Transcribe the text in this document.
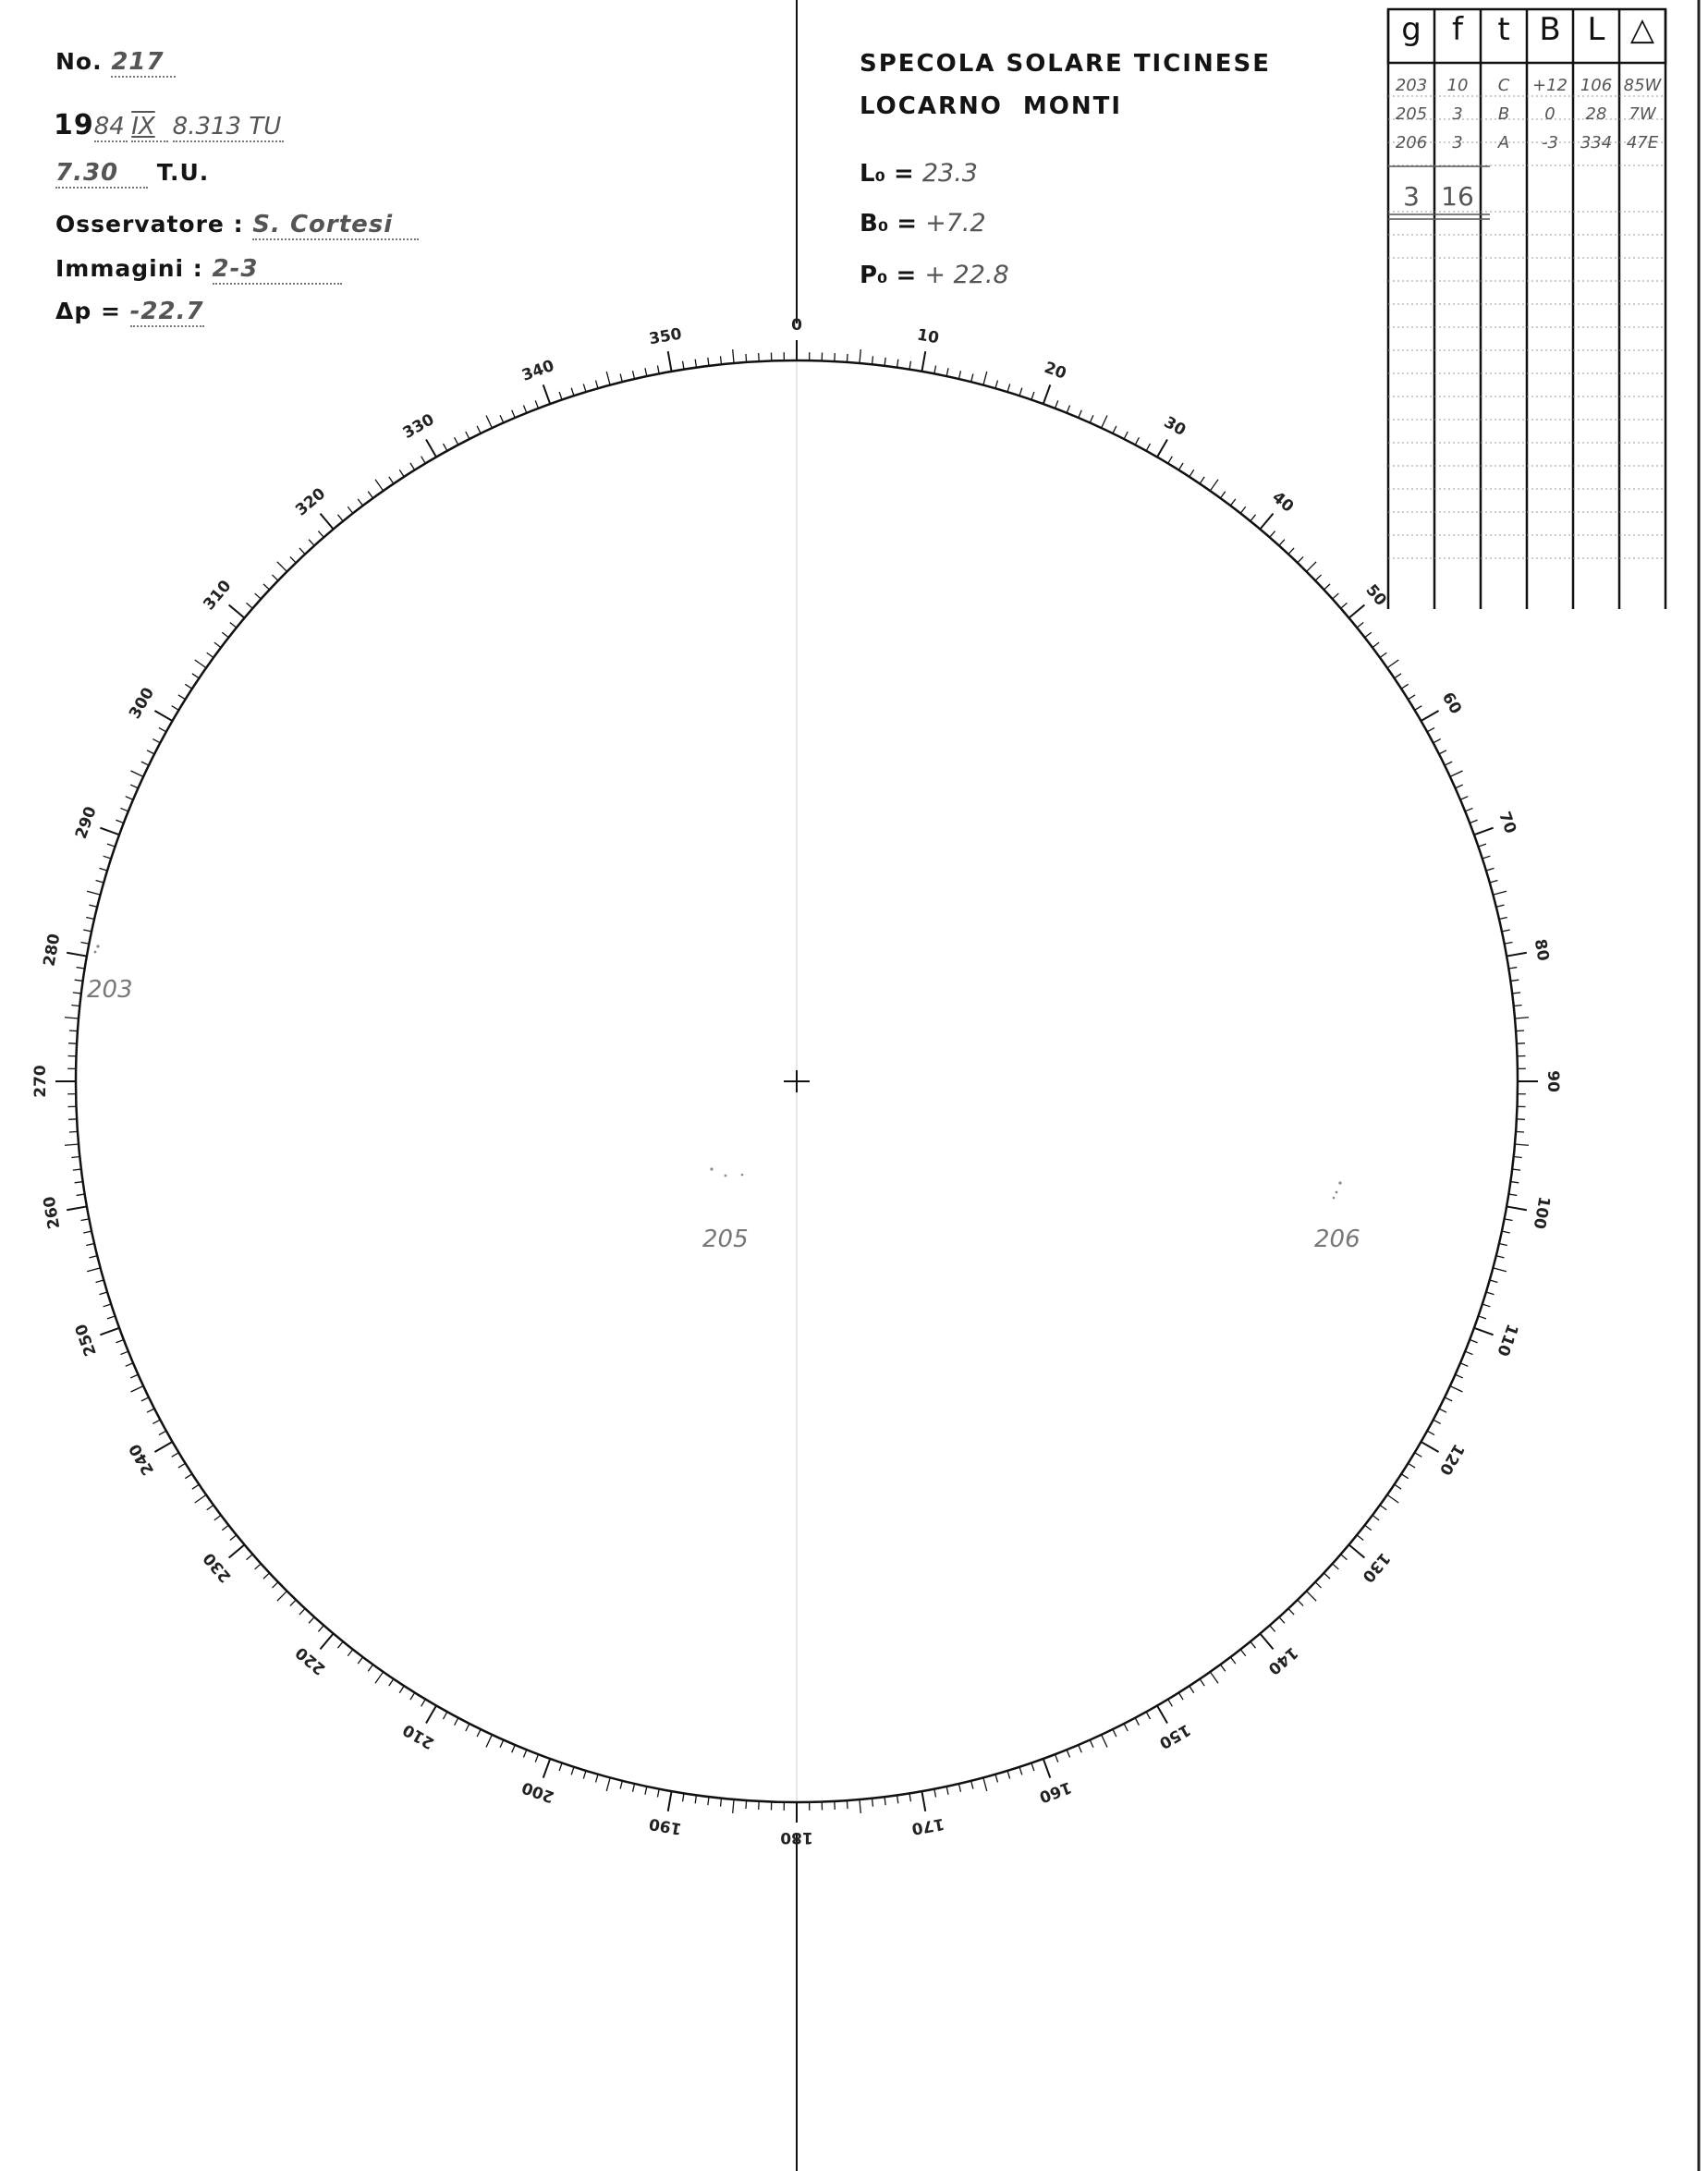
No. 217
1984 IX 8.313 TU
7.30 T.U.
Osservatore : S. Cortesi
Immagini : 2-3
Δp = -22.7
SPECOLA SOLARE TICINESE
LOCARNO  MONTI
L₀ = 23.3
B₀ = +7.2
P₀ = + 22.8
g f	t B L △
203	10	C	+12 106 85W
205	3	B	0	28	7W
206	3	A	-3	334 47E
3 16
0
10
20
30
40
50
60
70
80
90
100
110
120
130
140
150
160
170
180
190
200
210
220
230
240
250
260
270
280
290
300
310
320
330
340
350
203
205	206
